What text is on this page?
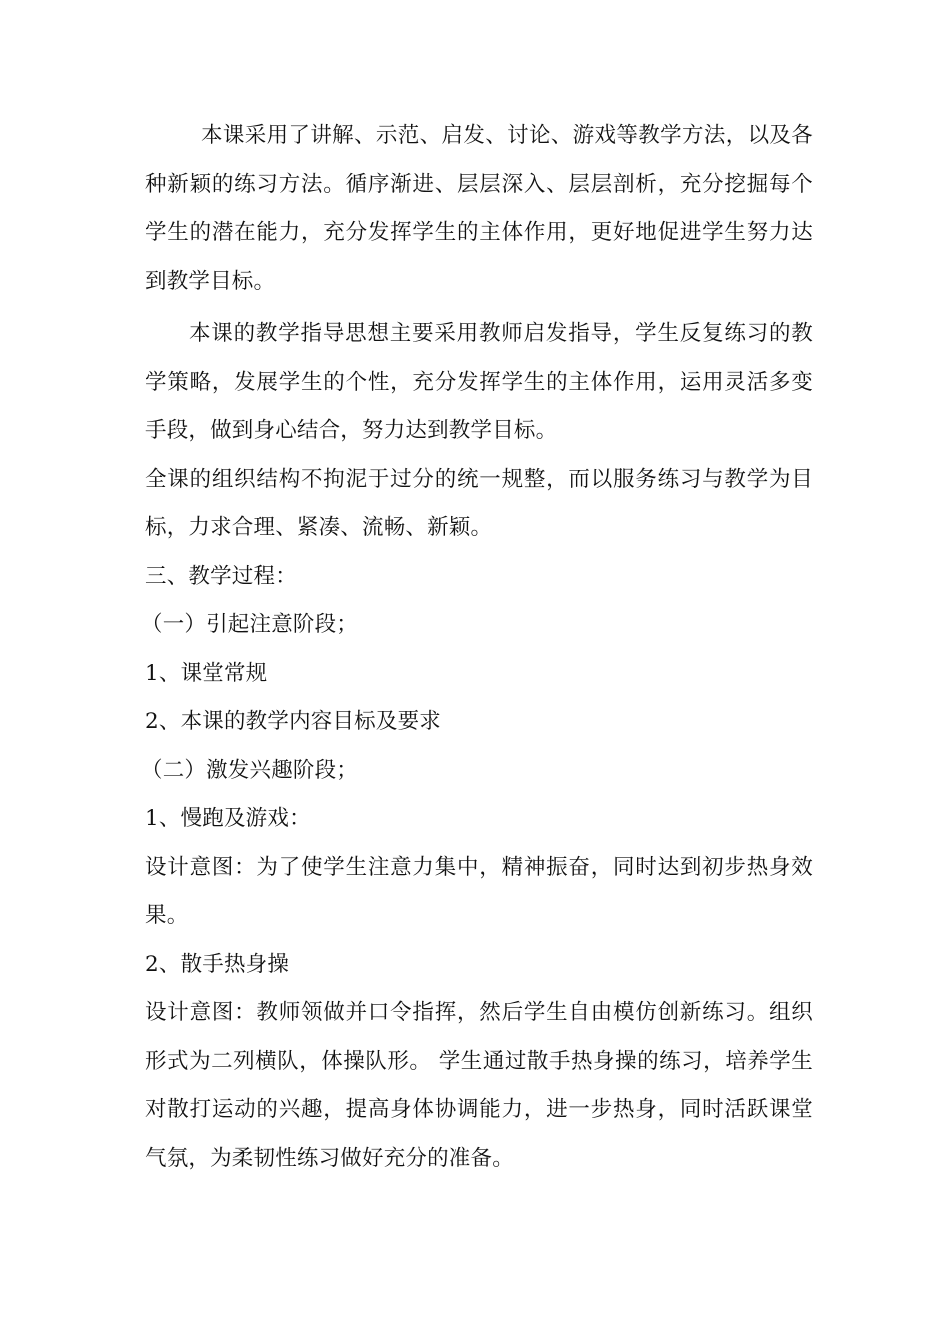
本课采用了讲解、示范、启发、讨论、游戏等教学方法，以及各种新颖的练习方法。循序渐进、层层深入、层层剖析，充分挖掘每个学生的潜在能力，充分发挥学生的主体作用，更好地促进学生努力达到教学目标。

本课的教学指导思想主要采用教师启发指导，学生反复练习的教学策略，发展学生的个性，充分发挥学生的主体作用，运用灵活多变手段，做到身心结合，努力达到教学目标。

全课的组织结构不拘泥于过分的统一规整，而以服务练习与教学为目标，力求合理、紧凑、流畅、新颖。

三、教学过程：

（一）引起注意阶段；

1、课堂常规

2、本课的教学内容目标及要求

（二）激发兴趣阶段；

1、慢跑及游戏：

设计意图：为了使学生注意力集中，精神振奋，同时达到初步热身效果。

2、散手热身操

设计意图：教师领做并口令指挥，然后学生自由模仿创新练习。组织形式为二列横队，体操队形。 学生通过散手热身操的练习，培养学生对散打运动的兴趣，提高身体协调能力，进一步热身，同时活跃课堂气氛，为柔韧性练习做好充分的准备。
